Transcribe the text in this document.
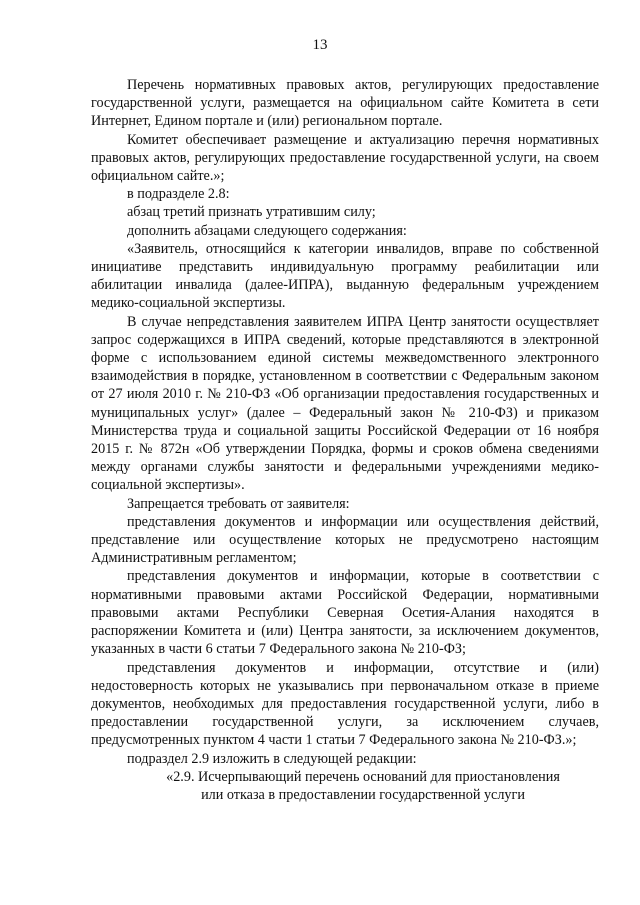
13

Перечень нормативных правовых актов, регулирующих предоставление государственной услуги, размещается на официальном сайте Комитета в сети Интернет, Едином портале и (или) региональном портале.

Комитет обеспечивает размещение и актуализацию перечня нормативных правовых актов, регулирующих предоставление государственной услуги, на своем официальном сайте.»;

в подразделе 2.8:

абзац третий признать утратившим силу;

дополнить абзацами следующего содержания:

«Заявитель, относящийся к категории инвалидов, вправе по собственной инициативе представить индивидуальную программу реабилитации или абилитации инвалида (далее-ИПРА), выданную федеральным учреждением медико-социальной экспертизы.

В случае непредставления заявителем ИПРА Центр занятости осуществляет запрос содержащихся в ИПРА сведений, которые представляются в электронной форме с использованием единой системы межведомственного электронного взаимодействия в порядке, установленном в соответствии с Федеральным законом от 27 июля 2010 г. № 210-ФЗ «Об организации предоставления государственных и муниципальных услуг» (далее – Федеральный закон № 210-ФЗ) и приказом Министерства труда и социальной защиты Российской Федерации от 16 ноября 2015 г. № 872н «Об утверждении Порядка, формы и сроков обмена сведениями между органами службы занятости и федеральными учреждениями медико-социальной экспертизы».

Запрещается требовать от заявителя:

представления документов и информации или осуществления действий, представление или осуществление которых не предусмотрено настоящим Административным регламентом;

представления документов и информации, которые в соответствии с нормативными правовыми актами Российской Федерации, нормативными правовыми актами Республики Северная Осетия-Алания находятся в распоряжении Комитета и (или) Центра занятости, за исключением документов, указанных в части 6 статьи 7 Федерального закона № 210-ФЗ;

представления документов и информации, отсутствие и (или) недостоверность которых не указывались при первоначальном отказе в приеме документов, необходимых для предоставления государственной услуги, либо в предоставлении государственной услуги, за исключением случаев, предусмотренных пунктом 4 части 1 статьи 7 Федерального закона № 210-ФЗ.»;

подраздел 2.9 изложить в следующей редакции:

«2.9. Исчерпывающий перечень оснований для приостановления

или отказа в предоставлении государственной услуги
